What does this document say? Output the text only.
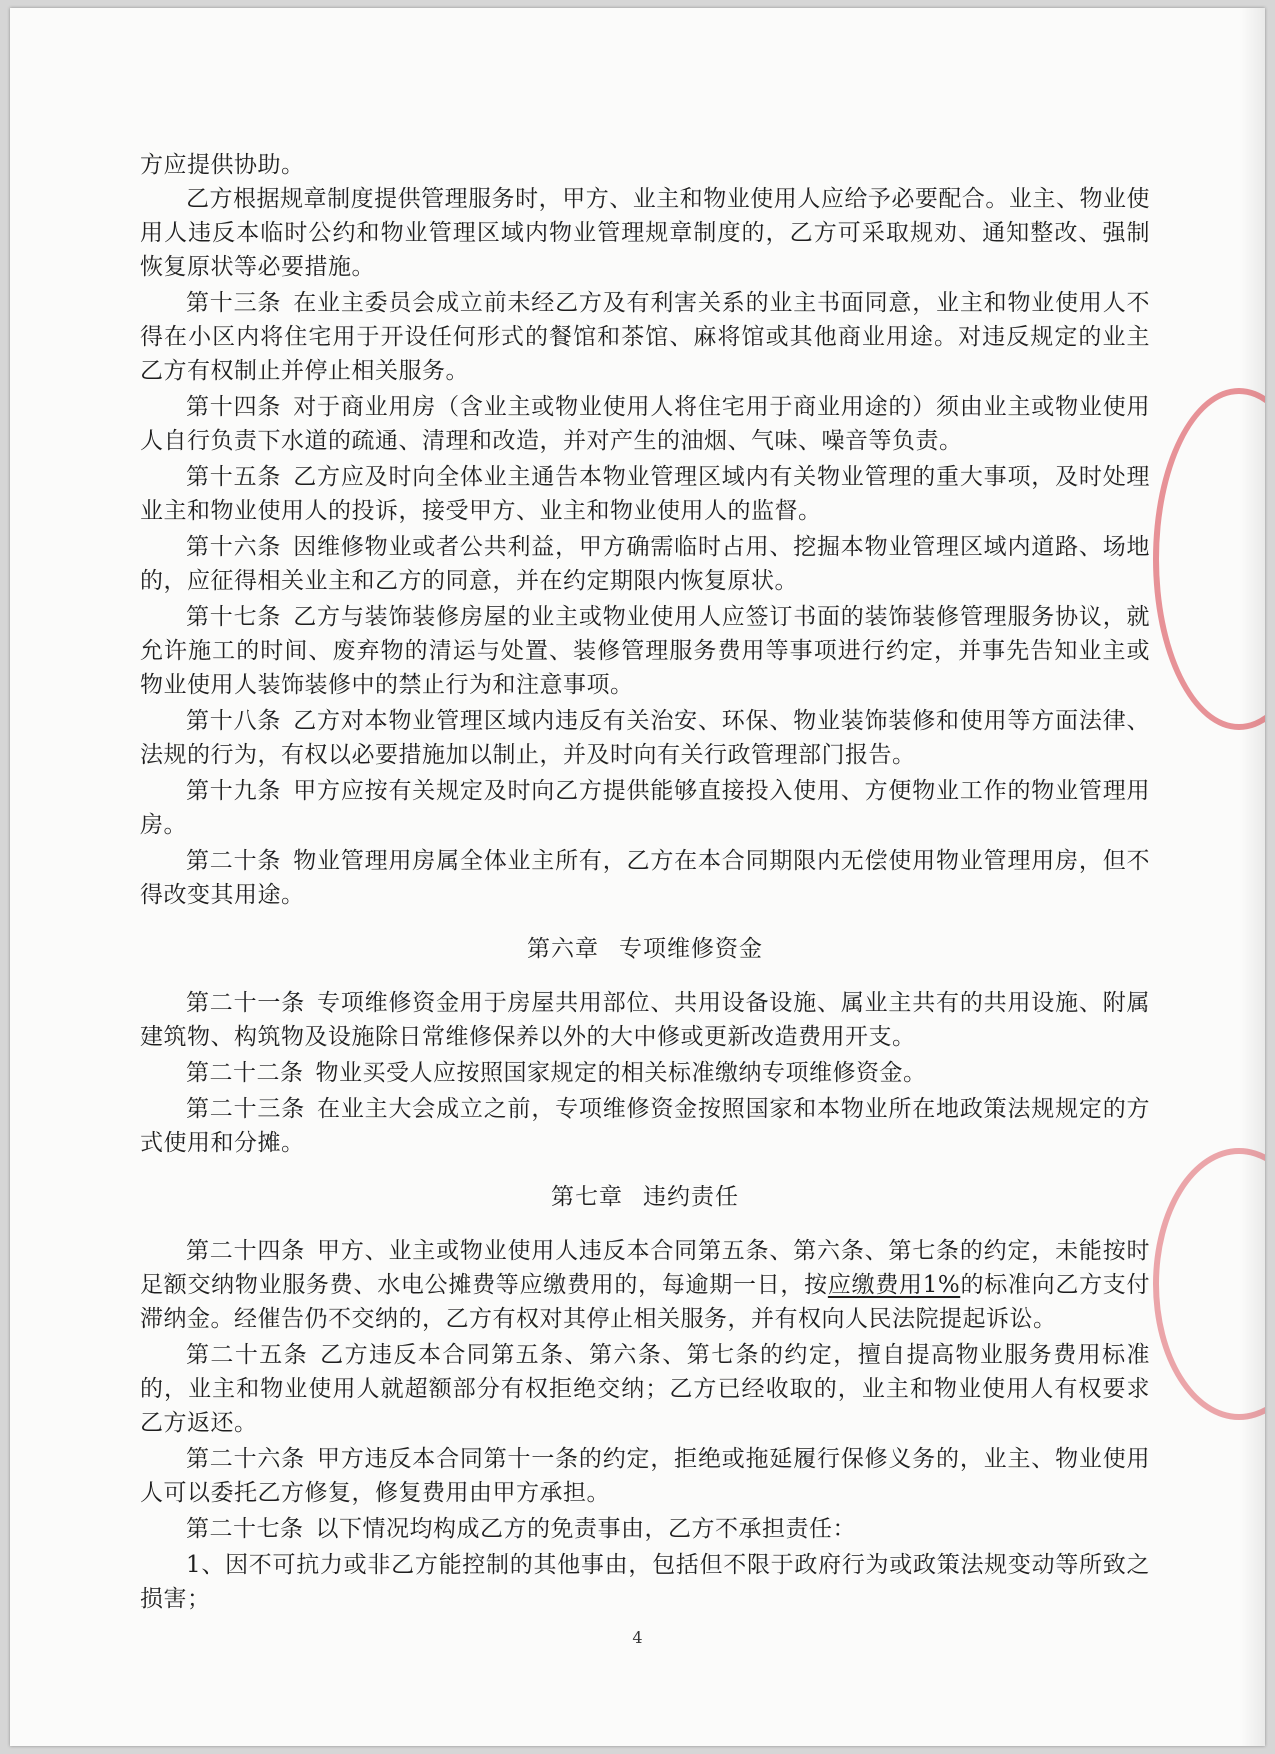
方应提供协助。

乙方根据规章制度提供管理服务时，甲方、业主和物业使用人应给予必要配合。业主、物业使用人违反本临时公约和物业管理区域内物业管理规章制度的，乙方可采取规劝、通知整改、强制恢复原状等必要措施。

第十三条 在业主委员会成立前未经乙方及有利害关系的业主书面同意，业主和物业使用人不得在小区内将住宅用于开设任何形式的餐馆和茶馆、麻将馆或其他商业用途。对违反规定的业主乙方有权制止并停止相关服务。

第十四条 对于商业用房（含业主或物业使用人将住宅用于商业用途的）须由业主或物业使用人自行负责下水道的疏通、清理和改造，并对产生的油烟、气味、噪音等负责。

第十五条 乙方应及时向全体业主通告本物业管理区域内有关物业管理的重大事项，及时处理业主和物业使用人的投诉，接受甲方、业主和物业使用人的监督。

第十六条 因维修物业或者公共利益，甲方确需临时占用、挖掘本物业管理区域内道路、场地的，应征得相关业主和乙方的同意，并在约定期限内恢复原状。

第十七条 乙方与装饰装修房屋的业主或物业使用人应签订书面的装饰装修管理服务协议，就允许施工的时间、废弃物的清运与处置、装修管理服务费用等事项进行约定，并事先告知业主或物业使用人装饰装修中的禁止行为和注意事项。

第十八条 乙方对本物业管理区域内违反有关治安、环保、物业装饰装修和使用等方面法律、法规的行为，有权以必要措施加以制止，并及时向有关行政管理部门报告。

第十九条 甲方应按有关规定及时向乙方提供能够直接投入使用、方便物业工作的物业管理用房。

第二十条 物业管理用房属全体业主所有，乙方在本合同期限内无偿使用物业管理用房，但不得改变其用途。

第六章 专项维修资金

第二十一条 专项维修资金用于房屋共用部位、共用设备设施、属业主共有的共用设施、附属建筑物、构筑物及设施除日常维修保养以外的大中修或更新改造费用开支。

第二十二条 物业买受人应按照国家规定的相关标准缴纳专项维修资金。

第二十三条 在业主大会成立之前，专项维修资金按照国家和本物业所在地政策法规规定的方式使用和分摊。

第七章 违约责任

第二十四条 甲方、业主或物业使用人违反本合同第五条、第六条、第七条的约定，未能按时足额交纳物业服务费、水电公摊费等应缴费用的，每逾期一日，按应缴费用1%的标准向乙方支付滞纳金。经催告仍不交纳的，乙方有权对其停止相关服务，并有权向人民法院提起诉讼。

第二十五条 乙方违反本合同第五条、第六条、第七条的约定，擅自提高物业服务费用标准的，业主和物业使用人就超额部分有权拒绝交纳；乙方已经收取的，业主和物业使用人有权要求乙方返还。

第二十六条 甲方违反本合同第十一条的约定，拒绝或拖延履行保修义务的，业主、物业使用人可以委托乙方修复，修复费用由甲方承担。

第二十七条 以下情况均构成乙方的免责事由，乙方不承担责任：

1、因不可抗力或非乙方能控制的其他事由，包括但不限于政府行为或政策法规变动等所致之损害；

4
